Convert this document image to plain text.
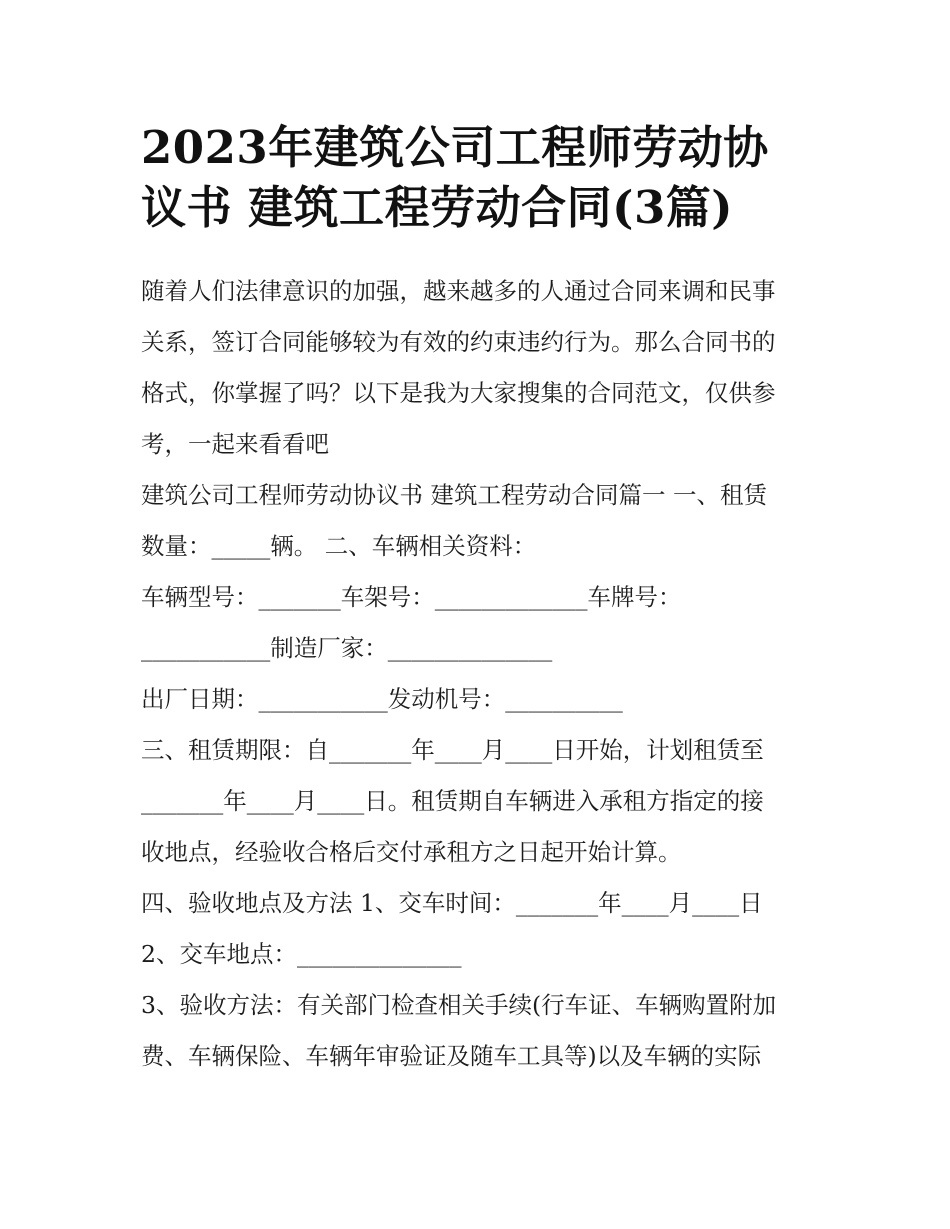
2023年建筑公司工程师劳动协
议书 建筑工程劳动合同(3篇)

随着人们法律意识的加强，越来越多的人通过合同来调和民事

关系，签订合同能够较为有效的约束违约行为。那么合同书的

格式，你掌握了吗？以下是我为大家搜集的合同范文，仅供参

考，一起来看看吧

建筑公司工程师劳动协议书 建筑工程劳动合同篇一 一、租赁

数量：_____辆。 二、车辆相关资料：

车辆型号：_______车架号：_____________车牌号：

___________制造厂家：______________

出厂日期：___________发动机号：__________

三、租赁期限：自_______年____月____日开始，计划租赁至

_______年____月____日。租赁期自车辆进入承租方指定的接

收地点，经验收合格后交付承租方之日起开始计算。

四、验收地点及方法 1、交车时间：_______年____月____日

2、交车地点：______________

3、验收方法：有关部门检查相关手续(行车证、车辆购置附加

费、车辆保险、车辆年审验证及随车工具等)以及车辆的实际
